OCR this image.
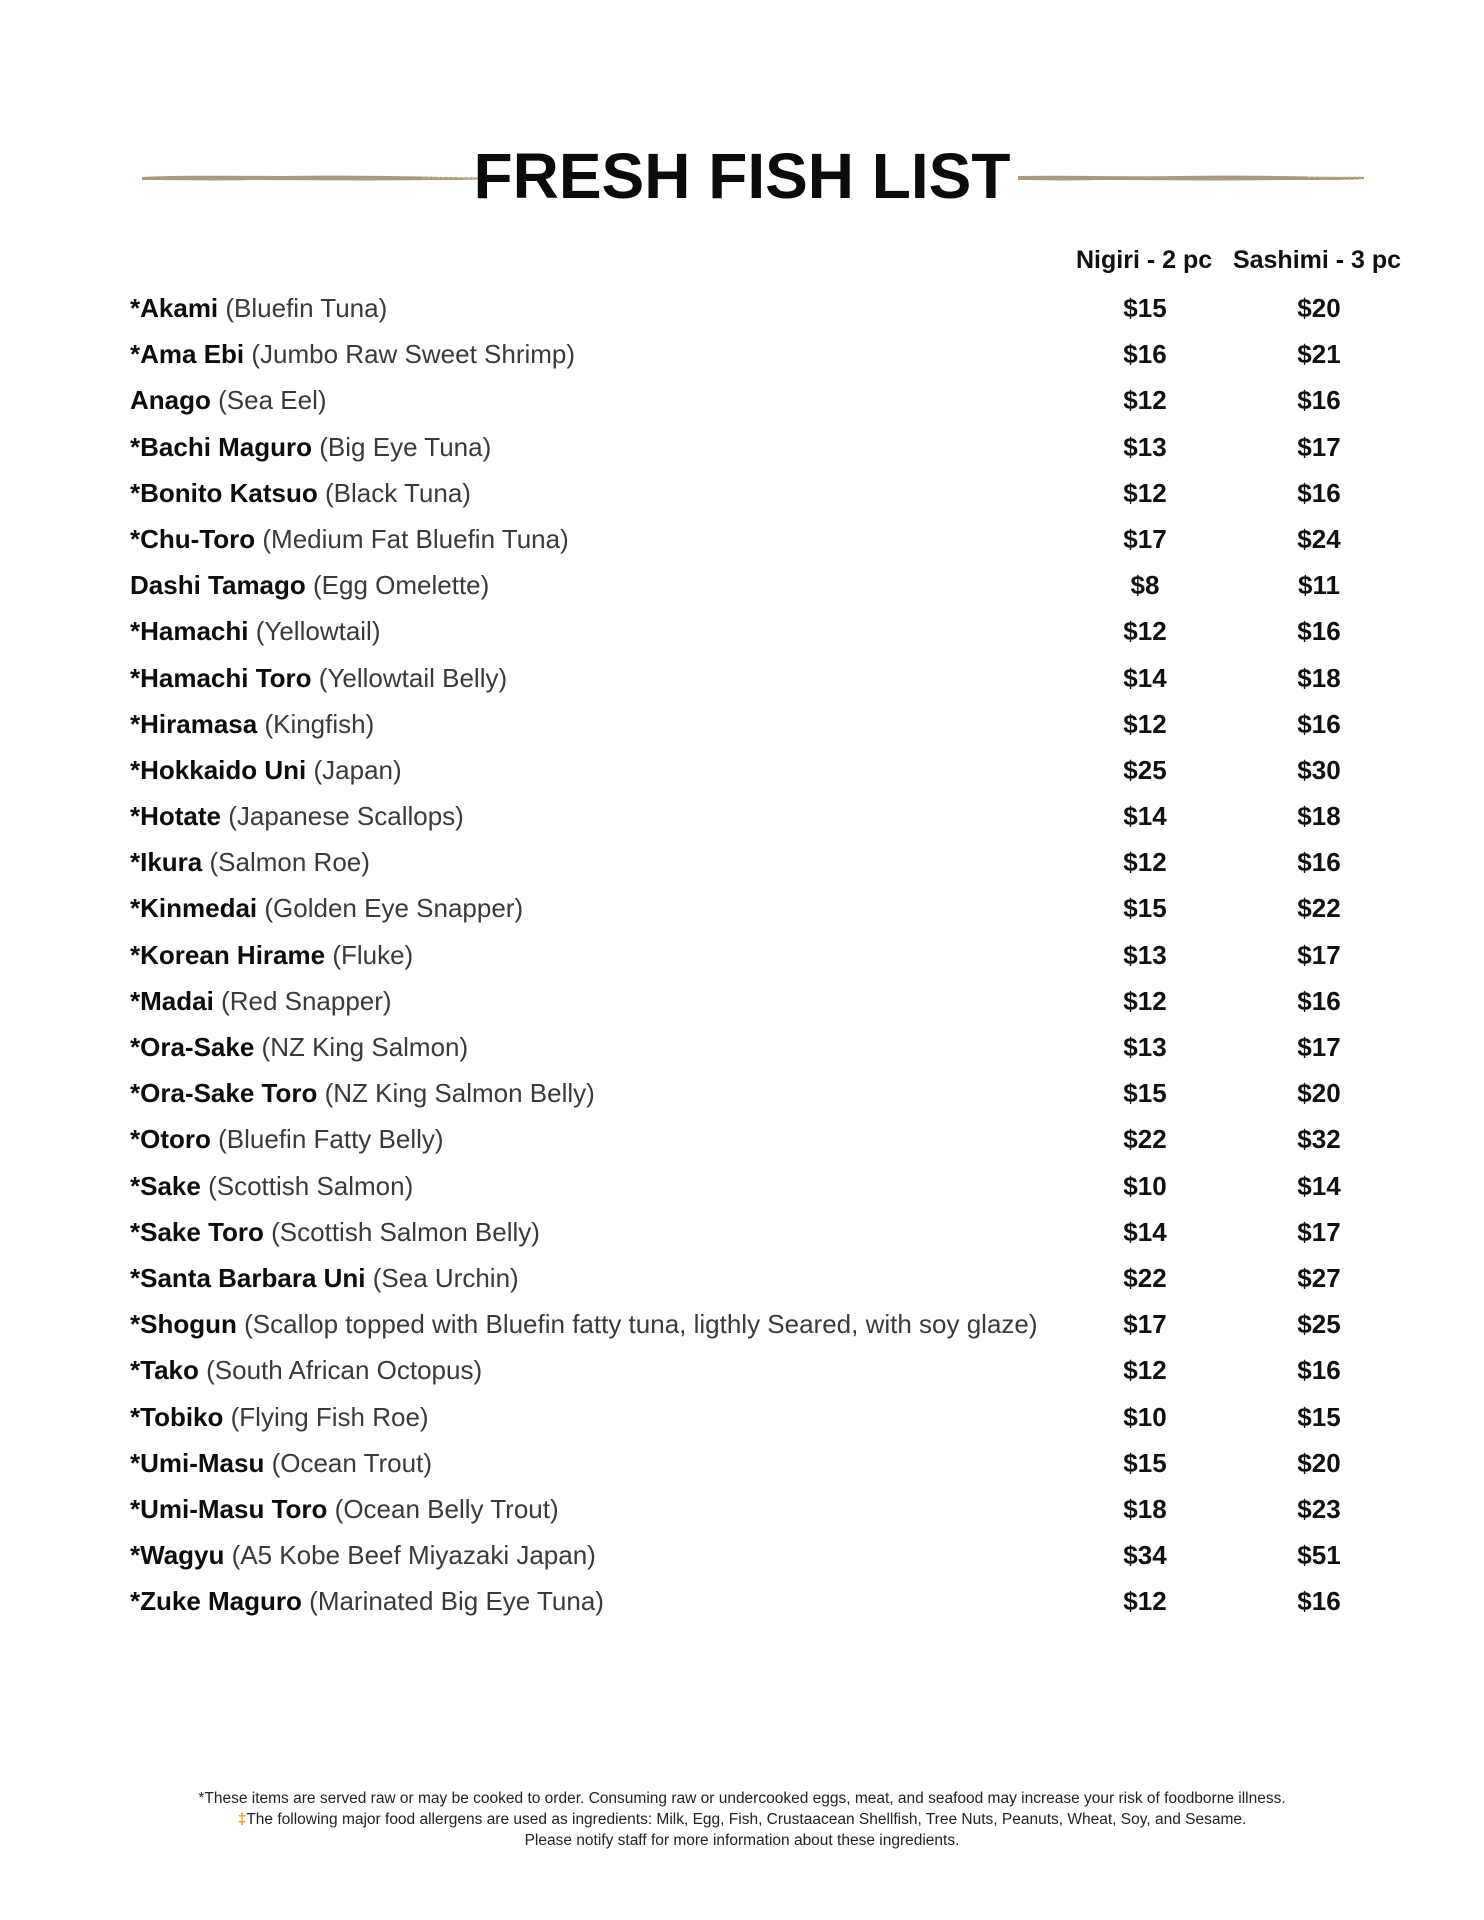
FRESH FISH LIST
Nigiri - 2 pc Sashimi - 3 pc
*Akami (Bluefin Tuna)	$15	$20
*Ama Ebi (Jumbo Raw Sweet Shrimp)	$16	$21
Anago (Sea Eel)	$12	$16
*Bachi Maguro (Big Eye Tuna)	$13	$17
*Bonito Katsuo (Black Tuna)	$12	$16
*Chu-Toro (Medium Fat Bluefin Tuna)	$17	$24
Dashi Tamago (Egg Omelette)	$8	$11
*Hamachi (Yellowtail)	$12	$16
*Hamachi Toro (Yellowtail Belly)	$14	$18
*Hiramasa (Kingfish)	$12	$16
*Hokkaido Uni (Japan)	$25	$30
*Hotate (Japanese Scallops)	$14	$18
*Ikura (Salmon Roe)	$12	$16
*Kinmedai (Golden Eye Snapper)	$15	$22
*Korean Hirame (Fluke)	$13	$17
*Madai (Red Snapper)	$12	$16
*Ora-Sake (NZ King Salmon)	$13	$17
*Ora-Sake Toro (NZ King Salmon Belly)	$15	$20
*Otoro (Bluefin Fatty Belly)	$22	$32
*Sake (Scottish Salmon)	$10	$14
*Sake Toro (Scottish Salmon Belly)	$14	$17
*Santa Barbara Uni (Sea Urchin)	$22	$27
*Shogun (Scallop topped with Bluefin fatty tuna, ligthly Seared, with soy glaze)	$17	$25
*Tako (South African Octopus)	$12	$16
*Tobiko (Flying Fish Roe)	$10	$15
*Umi-Masu (Ocean Trout)	$15	$20
*Umi-Masu Toro (Ocean Belly Trout)	$18	$23
*Wagyu (A5 Kobe Beef Miyazaki Japan)	$34	$51
*Zuke Maguro (Marinated Big Eye Tuna)	$12	$16
*These items are served raw or may be cooked to order. Consuming raw or undercooked eggs, meat, and seafood may increase your risk of foodborne illness.
‡The following major food allergens are used as ingredients: Milk, Egg, Fish, Crustaacean Shellfish, Tree Nuts, Peanuts, Wheat, Soy, and Sesame.
Please notify staff for more information about these ingredients.
